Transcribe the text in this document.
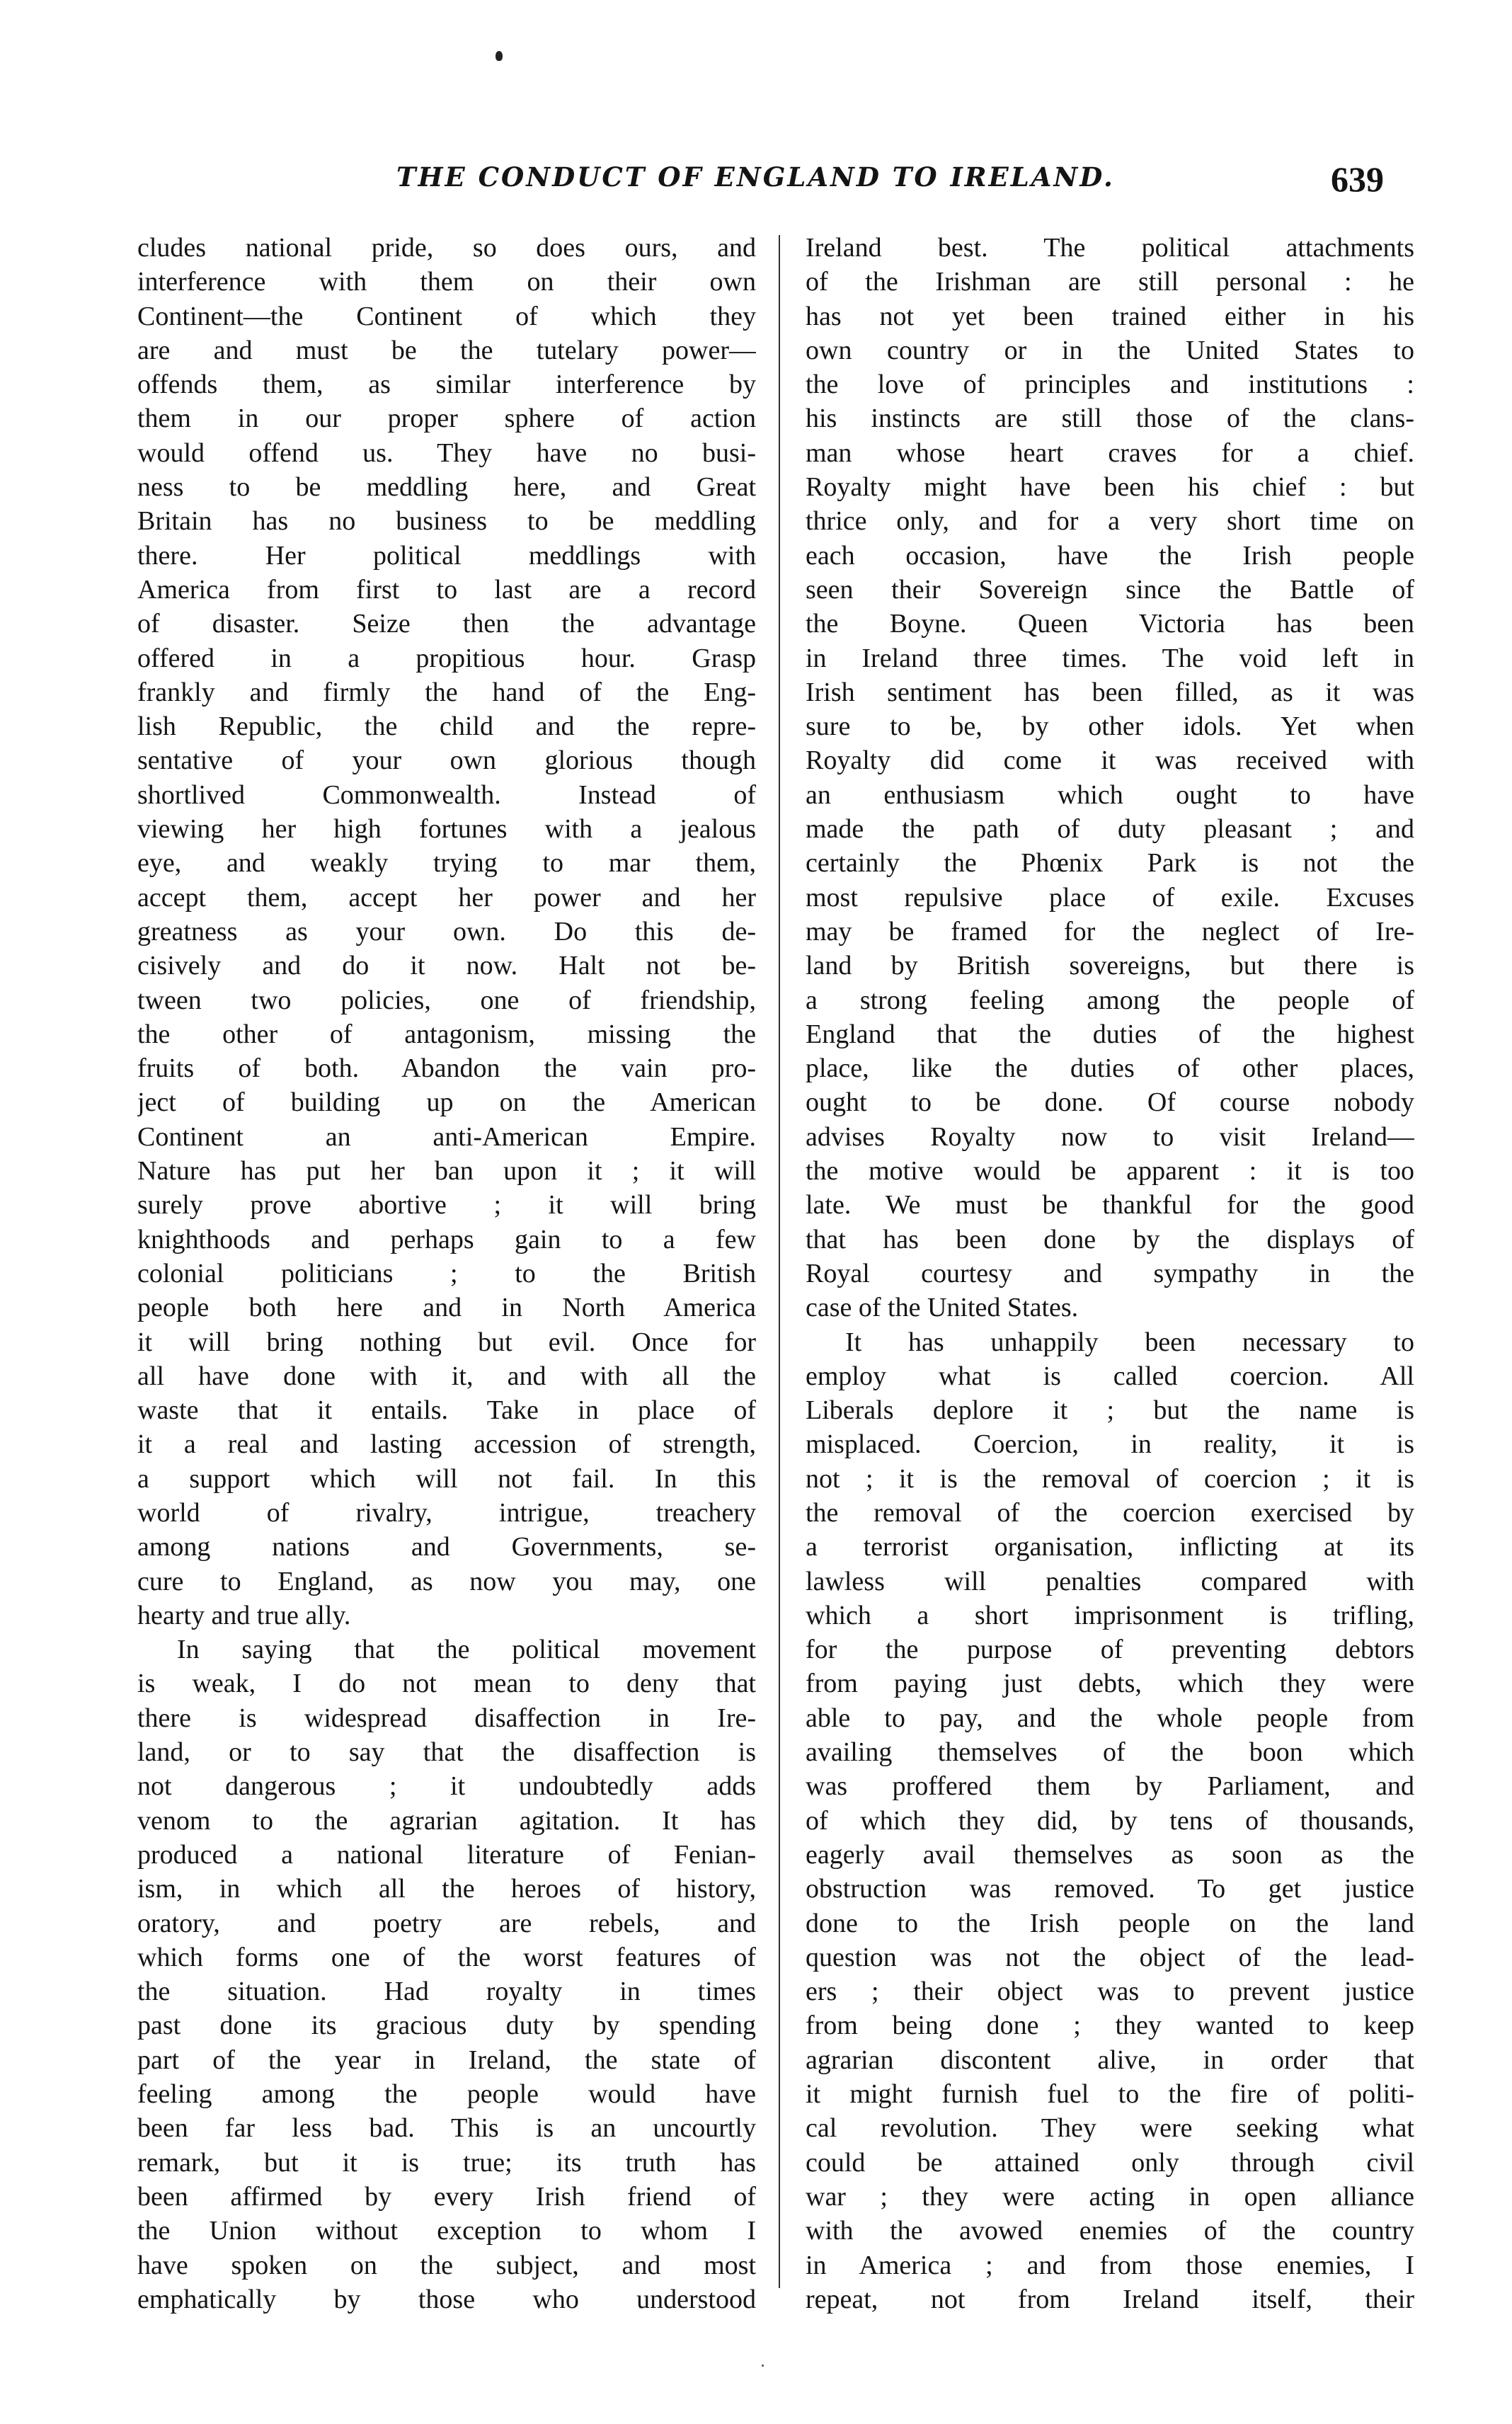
THE CONDUCT OF ENGLAND TO IRELAND.	639
cludes national pride, so does ours, and
interference with them on their own
Continent—the Continent of which they
are and must be the tutelary power—
offends them, as similar interference by
them in our proper sphere of action
would offend us. They have no busi-
ness to be meddling here, and Great
Britain has no business to be meddling
there. Her political meddlings with
America from first to last are a record
of disaster. Seize then the advantage
offered in a propitious hour. Grasp
frankly and firmly the hand of the Eng-
lish Republic, the child and the repre-
sentative of your own glorious though
shortlived Commonwealth. Instead of
viewing her high fortunes with a jealous
eye, and weakly trying to mar them,
accept them, accept her power and her
greatness as your own. Do this de-
cisively and do it now. Halt not be-
tween two policies, one of friendship,
the other of antagonism, missing the
fruits of both. Abandon the vain pro-
ject of building up on the American
Continent an anti-American Empire.
Nature has put her ban upon it ; it will
surely prove abortive ; it will bring
knighthoods and perhaps gain to a few
colonial politicians ; to the British
people both here and in North America
it will bring nothing but evil. Once for
all have done with it, and with all the
waste that it entails. Take in place of
it a real and lasting accession of strength,
a support which will not fail. In this
world of rivalry, intrigue, treachery
among nations and Governments, se-
cure to England, as now you may, one
hearty and true ally.
In saying that the political movement
is weak, I do not mean to deny that
there is widespread disaffection in Ire-
land, or to say that the disaffection is
not dangerous ; it undoubtedly adds
venom to the agrarian agitation. It has
produced a national literature of Fenian-
ism, in which all the heroes of history,
oratory, and poetry are rebels, and
which forms one of the worst features of
the situation. Had royalty in times
past done its gracious duty by spending
part of the year in Ireland, the state of
feeling among the people would have
been far less bad. This is an uncourtly
remark, but it is true; its truth has
been affirmed by every Irish friend of
the Union without exception to whom I
have spoken on the subject, and most
emphatically by those who understood
Ireland best. The political attachments
of the Irishman are still personal : he
has not yet been trained either in his
own country or in the United States to
the love of principles and institutions :
his instincts are still those of the clans-
man whose heart craves for a chief.
Royalty might have been his chief : but
thrice only, and for a very short time on
each occasion, have the Irish people
seen their Sovereign since the Battle of
the Boyne. Queen Victoria has been
in Ireland three times. The void left in
Irish sentiment has been filled, as it was
sure to be, by other idols. Yet when
Royalty did come it was received with
an enthusiasm which ought to have
made the path of duty pleasant ; and
certainly the Phœnix Park is not the
most repulsive place of exile. Excuses
may be framed for the neglect of Ire-
land by British sovereigns, but there is
a strong feeling among the people of
England that the duties of the highest
place, like the duties of other places,
ought to be done. Of course nobody
advises Royalty now to visit Ireland—
the motive would be apparent : it is too
late. We must be thankful for the good
that has been done by the displays of
Royal courtesy and sympathy in the
case of the United States.
It has unhappily been necessary to
employ what is called coercion. All
Liberals deplore it ; but the name is
misplaced. Coercion, in reality, it is
not ; it is the removal of coercion ; it is
the removal of the coercion exercised by
a terrorist organisation, inflicting at its
lawless will penalties compared with
which a short imprisonment is trifling,
for the purpose of preventing debtors
from paying just debts, which they were
able to pay, and the whole people from
availing themselves of the boon which
was proffered them by Parliament, and
of which they did, by tens of thousands,
eagerly avail themselves as soon as the
obstruction was removed. To get justice
done to the Irish people on the land
question was not the object of the lead-
ers ; their object was to prevent justice
from being done ; they wanted to keep
agrarian discontent alive, in order that
it might furnish fuel to the fire of politi-
cal revolution. They were seeking what
could be attained only through civil
war ; they were acting in open alliance
with the avowed enemies of the country
in America ; and from those enemies, I
repeat, not from Ireland itself, their
